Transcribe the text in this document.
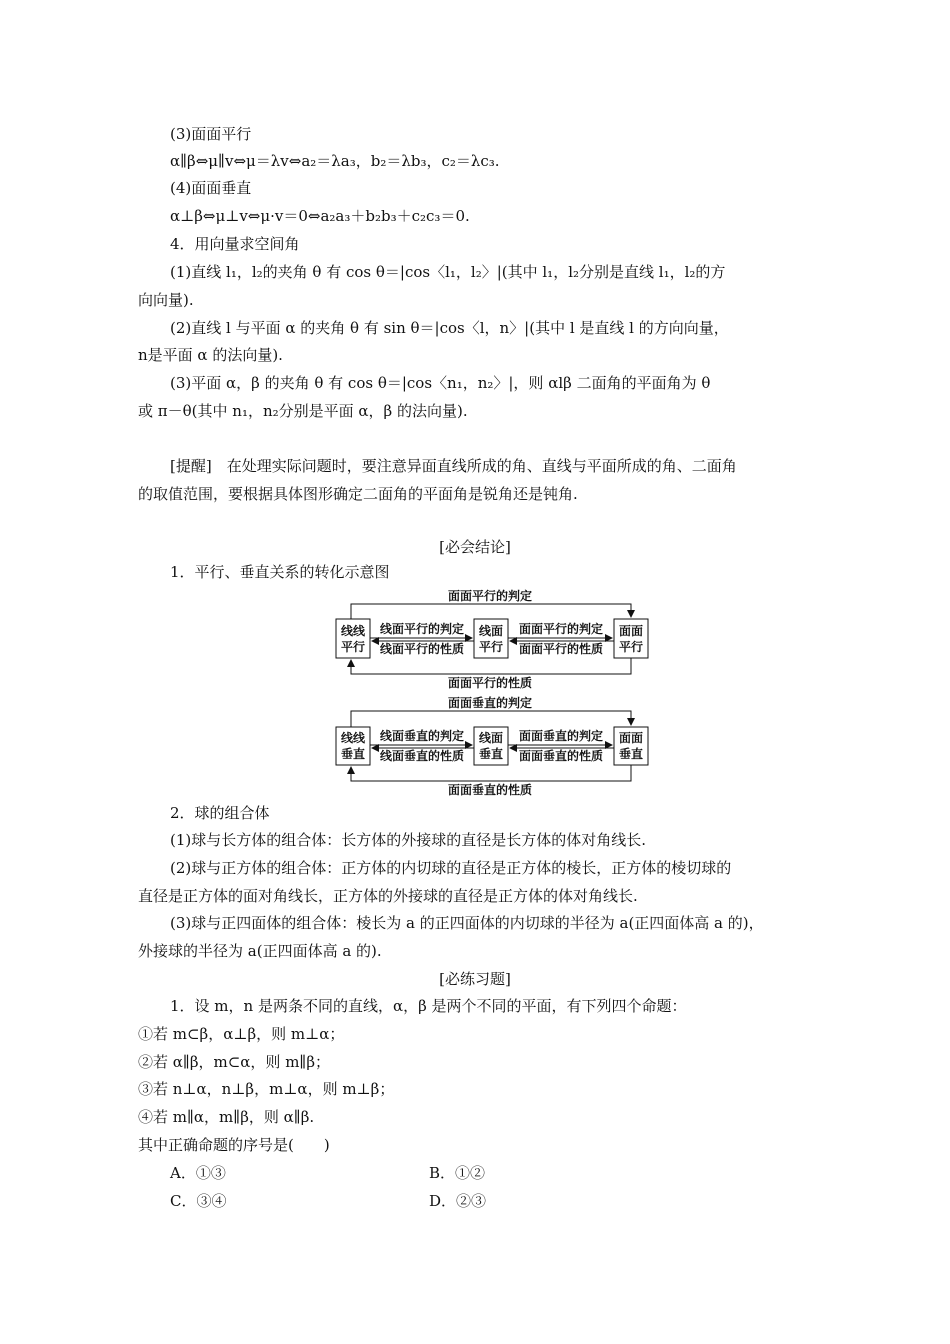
(3)面面平行
α∥β⇔μ∥v⇔μ＝λv⇔a₂＝λa₃，b₂＝λb₃，c₂＝λc₃.
(4)面面垂直
α⊥β⇔μ⊥v⇔μ·v＝0⇔a₂a₃＋b₂b₃＋c₂c₃＝0.
4．用向量求空间角
(1)直线 l₁，l₂的夹角 θ 有 cos θ＝|cos〈l₁，l₂〉|(其中 l₁，l₂分别是直线 l₁，l₂的方
向向量).
(2)直线 l 与平面 α 的夹角 θ 有 sin θ＝|cos〈l，n〉|(其中 l 是直线 l 的方向向量，
n是平面 α 的法向量).
(3)平面 α，β 的夹角 θ 有 cos θ＝|cos〈n₁，n₂〉|，则 αlβ 二面角的平面角为 θ
或 π－θ(其中 n₁，n₂分别是平面 α，β 的法向量).
[提醒]　在处理实际问题时，要注意异面直线所成的角、直线与平面所成的角、二面角
的取值范围，要根据具体图形确定二面角的平面角是锐角还是钝角.
[必会结论]
1．平行、垂直关系的转化示意图
面面平行的判定
面面平行的性质
线线
平行
线面
平行
面面
平行
线面平行的判定
线面平行的性质
面面平行的判定
面面平行的性质
面面垂直的判定
面面垂直的性质
线线
垂直
线面
垂直
面面
垂直
线面垂直的判定
线面垂直的性质
面面垂直的判定
面面垂直的性质
2．球的组合体
(1)球与长方体的组合体：长方体的外接球的直径是长方体的体对角线长.
(2)球与正方体的组合体：正方体的内切球的直径是正方体的棱长，正方体的棱切球的
直径是正方体的面对角线长，正方体的外接球的直径是正方体的体对角线长.
(3)球与正四面体的组合体：棱长为 a 的正四面体的内切球的半径为 a(正四面体高 a 的)，
外接球的半径为 a(正四面体高 a 的).
[必练习题]
1．设 m，n 是两条不同的直线，α，β 是两个不同的平面，有下列四个命题：
①若 m⊂β，α⊥β，则 m⊥α；
②若 α∥β，m⊂α，则 m∥β；
③若 n⊥α，n⊥β，m⊥α，则 m⊥β；
④若 m∥α，m∥β，则 α∥β.
其中正确命题的序号是(　　)
A．①③	B．①②
C．③④	D．②③
